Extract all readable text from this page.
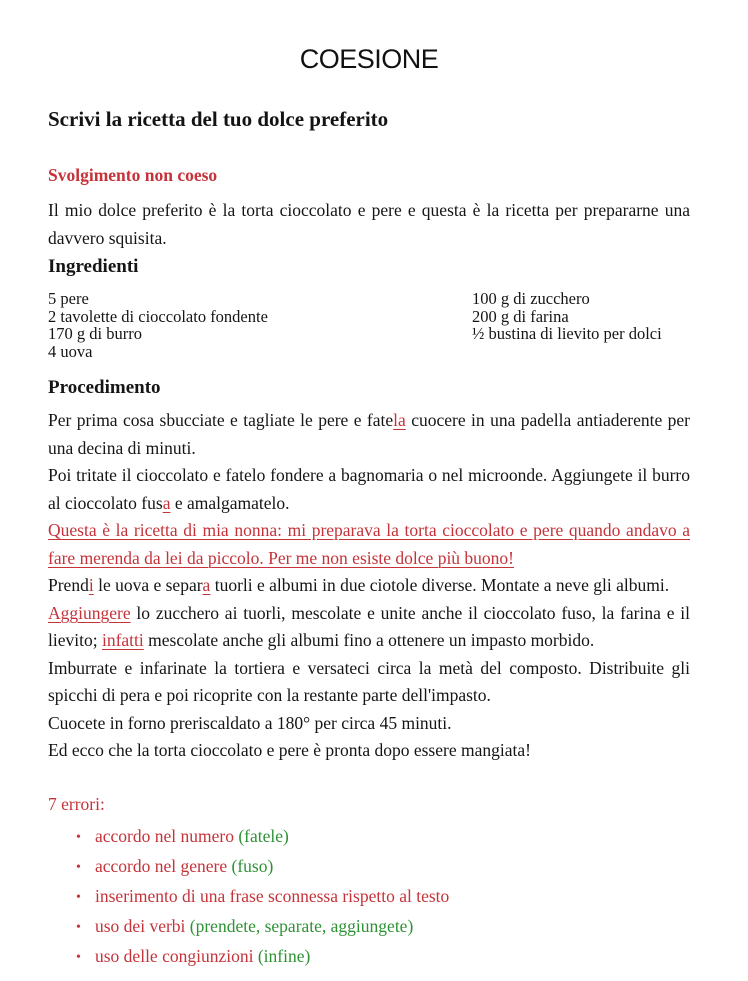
COESIONE
Scrivi la ricetta del tuo dolce preferito
Svolgimento non coeso

Il mio dolce preferito è la torta cioccolato e pere e questa è la ricetta per prepararne una davvero squisita.

Ingredienti
5 pere
2 tavolette di cioccolato fondente
170 g di burro
4 uova
100 g di zucchero
200 g di farina
½ bustina di lievito per dolci
Procedimento

Per prima cosa sbucciate e tagliate le pere e fatela cuocere in una padella antiaderente per una decina di minuti.

Poi tritate il cioccolato e fatelo fondere a bagnomaria o nel microonde. Aggiungete il burro al cioccolato fusa e amalgamatelo.

Questa è la ricetta di mia nonna: mi preparava la torta cioccolato e pere quando andavo a fare merenda da lei da piccolo. Per me non esiste dolce più buono!

Prendi le uova e separa tuorli e albumi in due ciotole diverse. Montate a neve gli albumi.

Aggiungere lo zucchero ai tuorli, mescolate e unite anche il cioccolato fuso, la farina e il lievito; infatti mescolate anche gli albumi fino a ottenere un impasto morbido.

Imburrate e infarinate la tortiera e versateci circa la metà del composto. Distribuite gli spicchi di pera e poi ricoprite con la restante parte dell'impasto.

Cuocete in forno preriscaldato a 180° per circa 45 minuti.

Ed ecco che la torta cioccolato e pere è pronta dopo essere mangiata!

7 errori:

• accordo nel numero (fatele)
• accordo nel genere (fuso)
• inserimento di una frase sconnessa rispetto al testo
• uso dei verbi (prendete, separate, aggiungete)
• uso delle congiunzioni (infine)
